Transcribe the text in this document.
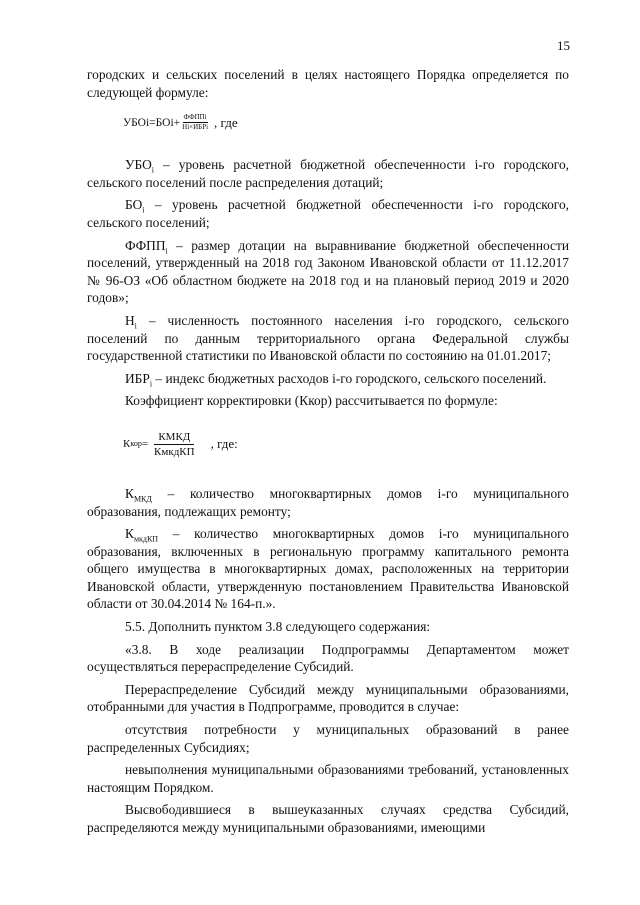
15

городских и сельских поселений в целях настоящего Порядка определяется по следующей формуле:

УБОi=БОi+ $\frac{\text{ФФППi}}{\text{Нi×ИБРi}}$ , где

$УБО_i$ – уровень расчетной бюджетной обеспеченности i-го городского, сельского поселений после распределения дотаций;

$БО_i$ – уровень расчетной бюджетной обеспеченности i-го городского, сельского поселений;

$ФФПП_i$ – размер дотации на выравнивание бюджетной обеспеченности поселений, утвержденный на 2018 год Законом Ивановской области от 11.12.2017 № 96-ОЗ «Об областном бюджете на 2018 год и на плановый период 2019 и 2020 годов»;

$Н_i$ – численность постоянного населения i-го городского, сельского поселений по данным территориального органа Федеральной службы государственной статистики по Ивановской области по состоянию на 01.01.2017;

$ИБР_i$ – индекс бюджетных расходов i-го городского, сельского поселений.

Коэффициент корректировки (Ккор) рассчитывается по формуле:

К кор = $\frac{\text{КМКД}}{\text{КмкдКП}}$ , где:

$К_{МКД}$ – количество многоквартирных домов i-го муниципального образования, подлежащих ремонту;

$К_{мкдКП}$ – количество многоквартирных домов i-го муниципального образования, включенных в региональную программу капитального ремонта общего имущества в многоквартирных домах, расположенных на территории Ивановской области, утвержденную постановлением Правительства Ивановской области от 30.04.2014 № 164-п.».

5.5. Дополнить пунктом 3.8 следующего содержания:

«3.8. В ходе реализации Подпрограммы Департаментом может осуществляться перераспределение Субсидий.

Перераспределение Субсидий между муниципальными образованиями, отобранными для участия в Подпрограмме, проводится в случае:

отсутствия потребности у муниципальных образований в ранее распределенных Субсидиях;

невыполнения муниципальными образованиями требований, установленных настоящим Порядком.

Высвободившиеся в вышеуказанных случаях средства Субсидий, распределяются между муниципальными образованиями, имеющими
